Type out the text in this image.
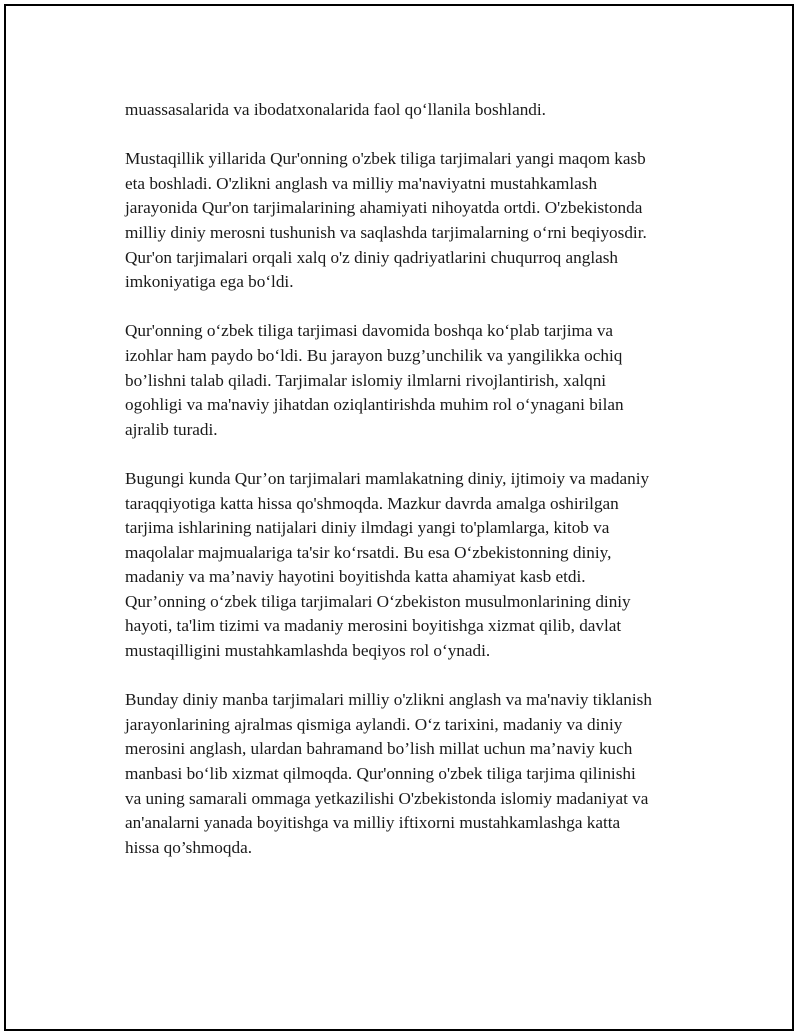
muassasalarida va ibodatxonalarida faol qo‘llanila boshlandi.

Mustaqillik yillarida Qur'onning o'zbek tiliga tarjimalari yangi maqom kasb
eta boshladi. O'zlikni anglash va milliy ma'naviyatni mustahkamlash
jarayonida Qur'on tarjimalarining ahamiyati nihoyatda ortdi. O'zbekistonda
milliy diniy merosni tushunish va saqlashda tarjimalarning o‘rni beqiyosdir.
Qur'on tarjimalari orqali xalq o'z diniy qadriyatlarini chuqurroq anglash
imkoniyatiga ega bo‘ldi.

Qur'onning o‘zbek tiliga tarjimasi davomida boshqa ko‘plab tarjima va
izohlar ham paydo bo‘ldi. Bu jarayon buzg’unchilik va yangilikka ochiq
bo’lishni talab qiladi. Tarjimalar islomiy ilmlarni rivojlantirish, xalqni
ogohligi va ma'naviy jihatdan oziqlantirishda muhim rol o‘ynagani bilan
ajralib turadi.

Bugungi kunda Qur’on tarjimalari mamlakatning diniy, ijtimoiy va madaniy
taraqqiyotiga katta hissa qo'shmoqda. Mazkur davrda amalga oshirilgan
tarjima ishlarining natijalari diniy ilmdagi yangi to'plamlarga, kitob va
maqolalar majmualariga ta'sir ko‘rsatdi. Bu esa O‘zbekistonning diniy,
madaniy va ma’naviy hayotini boyitishda katta ahamiyat kasb etdi.
Qur’onning o‘zbek tiliga tarjimalari O‘zbekiston musulmonlarining diniy
hayoti, ta'lim tizimi va madaniy merosini boyitishga xizmat qilib, davlat
mustaqilligini mustahkamlashda beqiyos rol o‘ynadi.

Bunday diniy manba tarjimalari milliy o'zlikni anglash va ma'naviy tiklanish
jarayonlarining ajralmas qismiga aylandi. O‘z tarixini, madaniy va diniy
merosini anglash, ulardan bahramand bo’lish millat uchun ma’naviy kuch
manbasi bo‘lib xizmat qilmoqda. Qur'onning o'zbek tiliga tarjima qilinishi
va uning samarali ommaga yetkazilishi O'zbekistonda islomiy madaniyat va
an'analarni yanada boyitishga va milliy iftixorni mustahkamlashga katta
hissa qo’shmoqda.
